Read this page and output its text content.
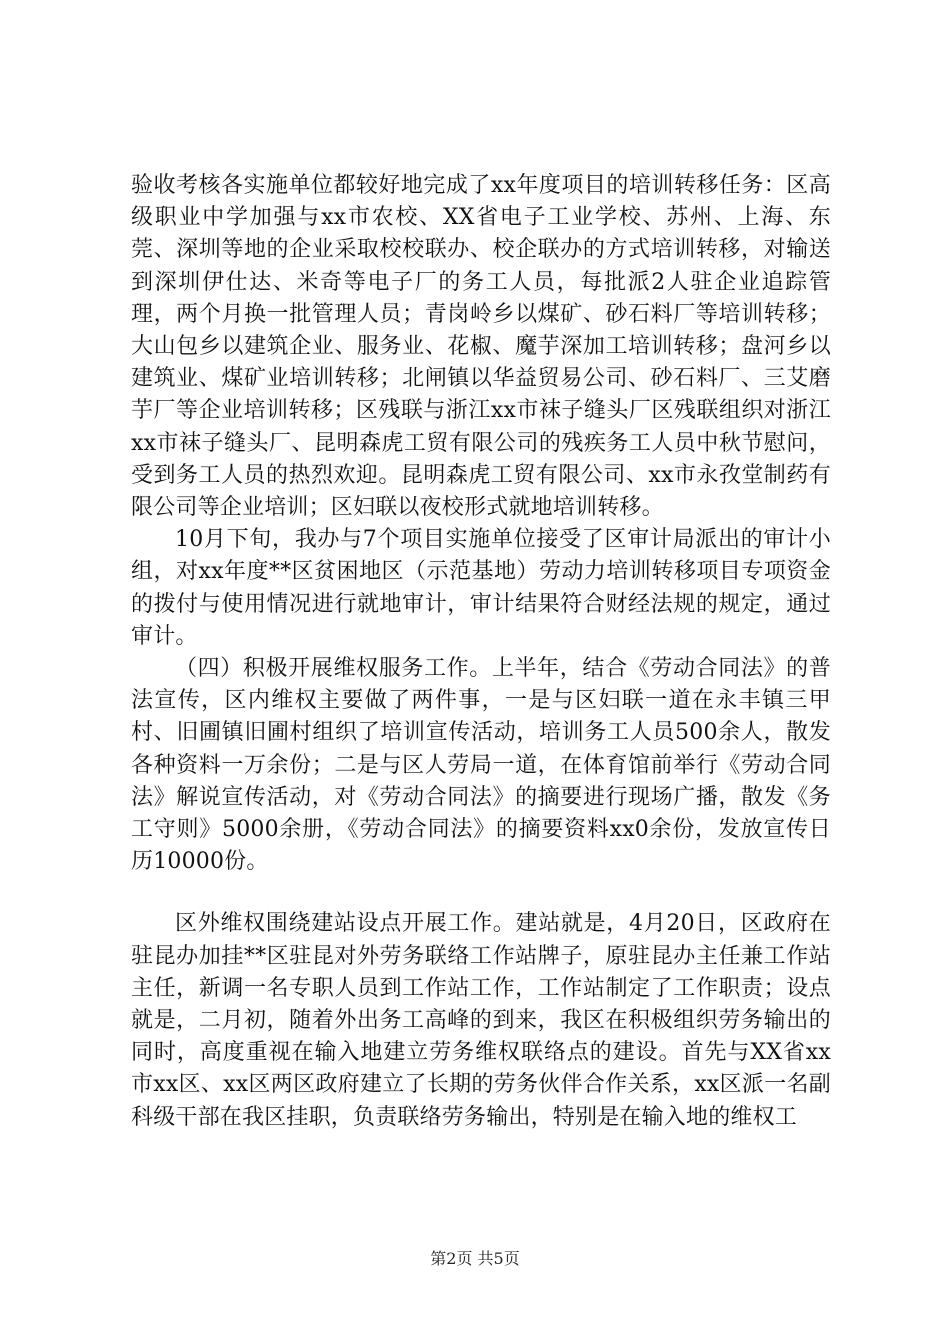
验收考核各实施单位都较好地完成了xx年度项目的培训转移任务：区高级职业中学加强与xx市农校、XX省电子工业学校、苏州、上海、东莞、深圳等地的企业采取校校联办、校企联办的方式培训转移，对输送到深圳伊仕达、米奇等电子厂的务工人员，每批派2人驻企业追踪管理，两个月换一批管理人员；青岗岭乡以煤矿、砂石料厂等培训转移；大山包乡以建筑企业、服务业、花椒、魔芋深加工培训转移；盘河乡以建筑业、煤矿业培训转移；北闸镇以华益贸易公司、砂石料厂、三艾磨芋厂等企业培训转移；区残联与浙江xx市袜子缝头厂区残联组织对浙江xx市袜子缝头厂、昆明森虎工贸有限公司的残疾务工人员中秋节慰问，受到务工人员的热烈欢迎。昆明森虎工贸有限公司、xx市永孜堂制药有限公司等企业培训；区妇联以夜校形式就地培训转移。

10月下旬，我办与7个项目实施单位接受了区审计局派出的审计小组，对xx年度**区贫困地区（示范基地）劳动力培训转移项目专项资金的拨付与使用情况进行就地审计，审计结果符合财经法规的规定，通过审计。

（四）积极开展维权服务工作。上半年，结合《劳动合同法》的普法宣传，区内维权主要做了两件事，一是与区妇联一道在永丰镇三甲村、旧圃镇旧圃村组织了培训宣传活动，培训务工人员500余人，散发各种资料一万余份；二是与区人劳局一道，在体育馆前举行《劳动合同法》解说宣传活动，对《劳动合同法》的摘要进行现场广播，散发《务工守则》5000余册，《劳动合同法》的摘要资料xx0余份，发放宣传日历10000份。

区外维权围绕建站设点开展工作。建站就是，4月20日，区政府在驻昆办加挂**区驻昆对外劳务联络工作站牌子，原驻昆办主任兼工作站主任，新调一名专职人员到工作站工作，工作站制定了工作职责；设点就是，二月初，随着外出务工高峰的到来，我区在积极组织劳务输出的同时，高度重视在输入地建立劳务维权联络点的建设。首先与XX省xx市xx区、xx区两区政府建立了长期的劳务伙伴合作关系，xx区派一名副科级干部在我区挂职，负责联络劳务输出，特别是在输入地的维权工

第2页 共5页
